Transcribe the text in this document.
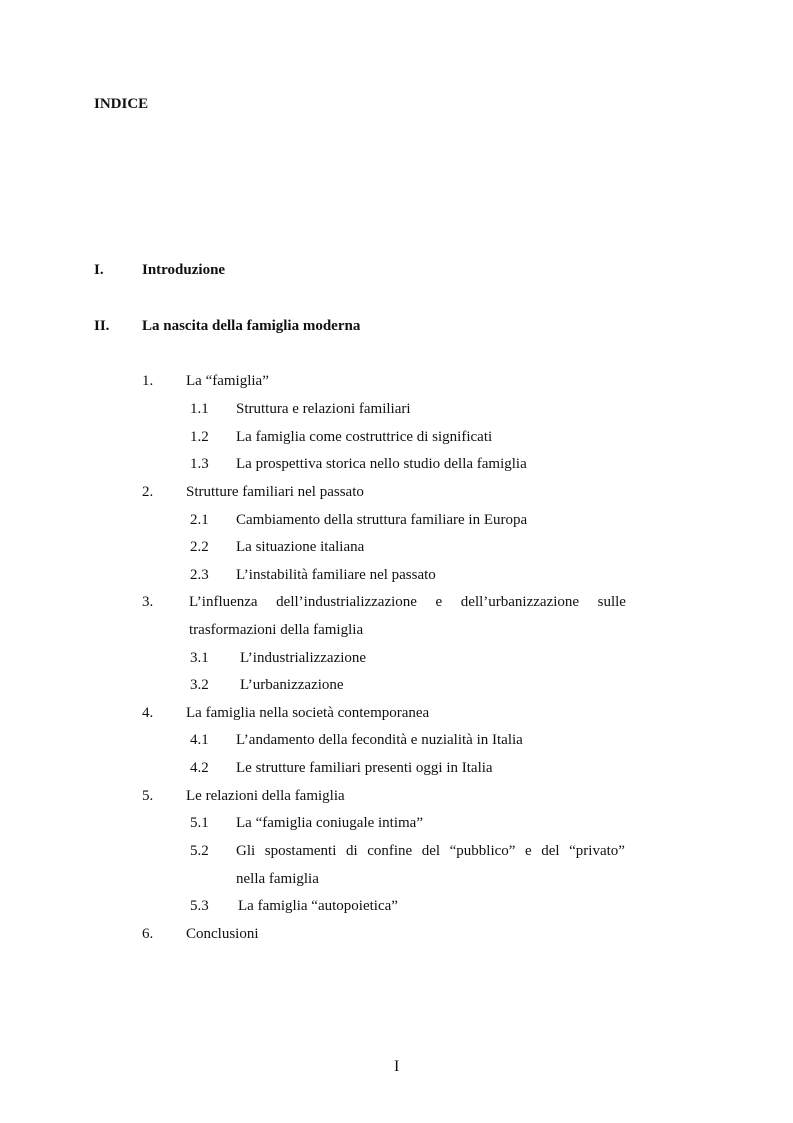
INDICE
I.	Introduzione
II. La nascita della famiglia moderna
1. La “famiglia”
1.1 Struttura e relazioni familiari
1.2 La famiglia come costruttrice di significati
1.3 La prospettiva storica nello studio della famiglia
2. Strutture familiari nel passato
2.1 Cambiamento della struttura familiare in Europa
2.2 La situazione italiana
2.3 L’instabilità familiare nel passato
3. L’influenza dell’industrializzazione e dell’urbanizzazione sulle
trasformazioni della famiglia
3.1 L’industrializzazione
3.2 L’urbanizzazione
4. La famiglia nella società contemporanea
4.1 L’andamento della fecondità e nuzialità in Italia
4.2 Le strutture familiari presenti oggi in Italia
5. Le relazioni della famiglia
5.1 La “famiglia coniugale intima”
5.2 Gli spostamenti di confine del “pubblico” e del “privato”
nella famiglia
5.3 La famiglia “autopoietica”
6. Conclusioni
I
